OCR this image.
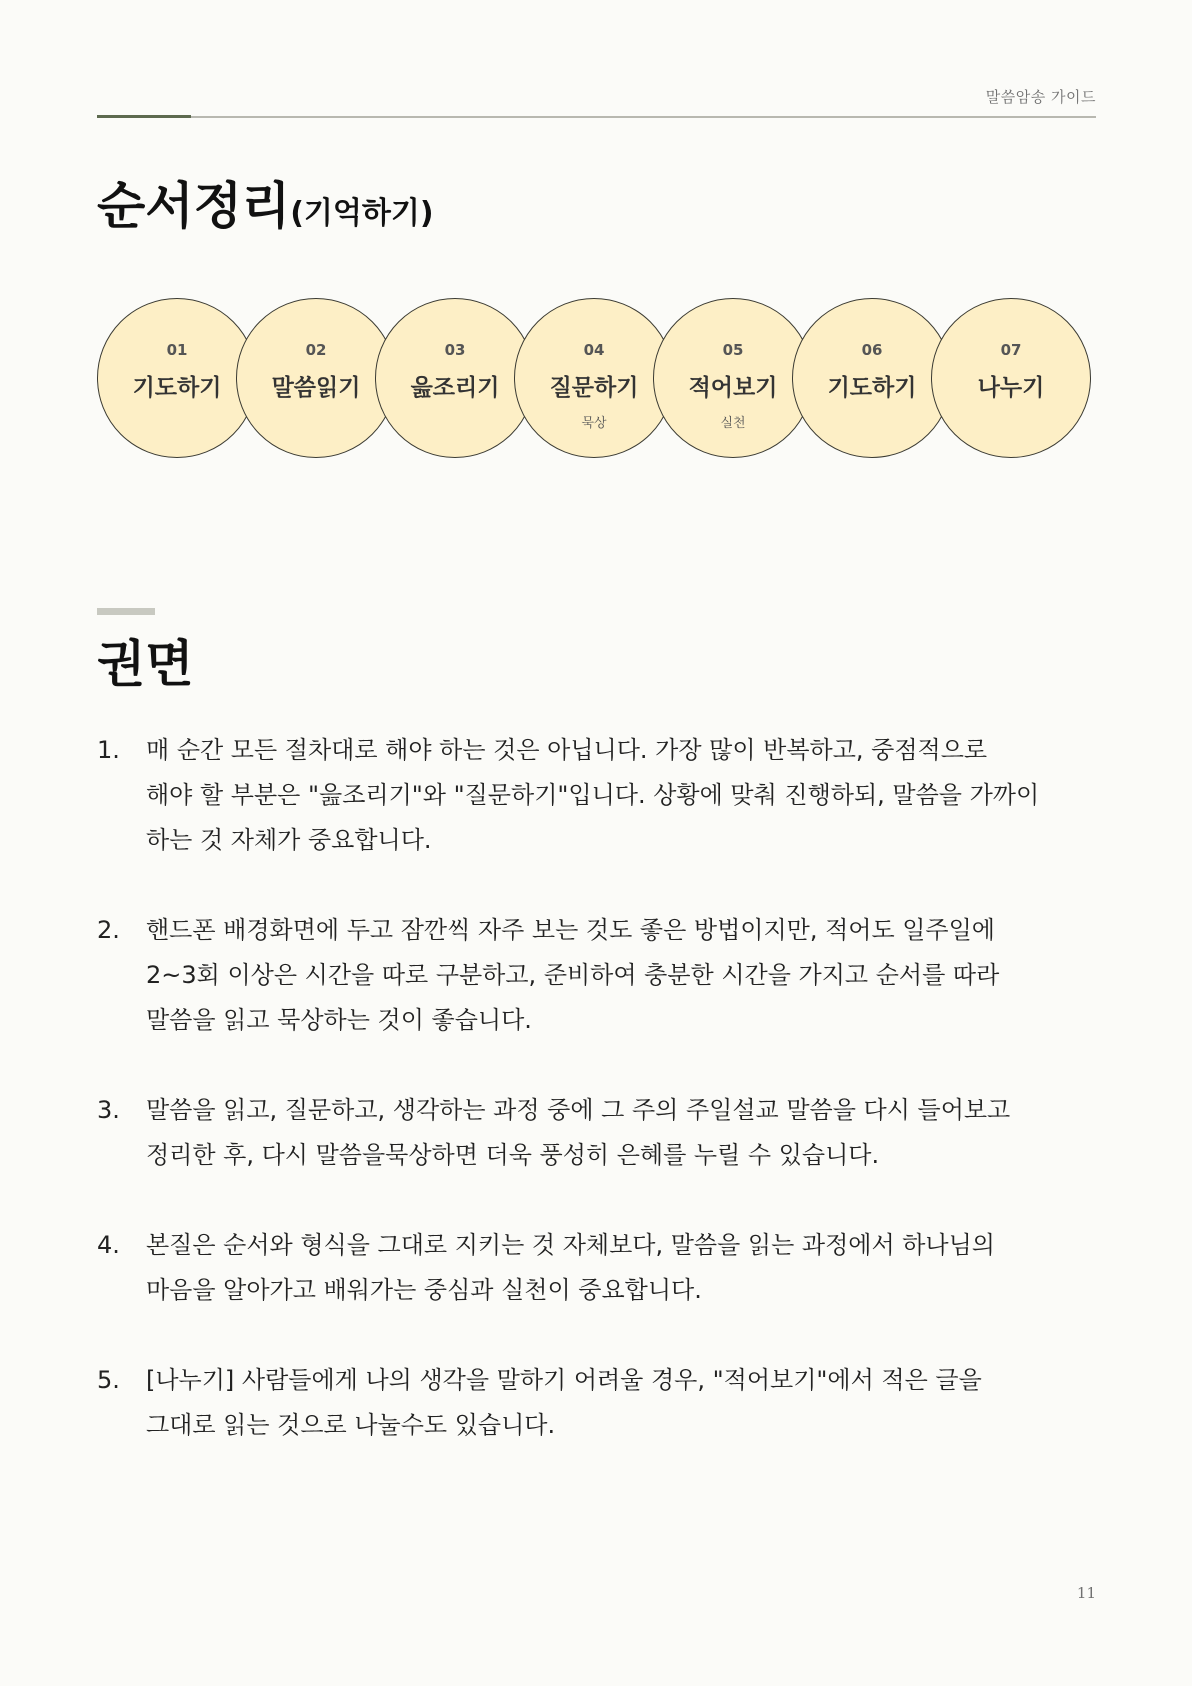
말씀암송 가이드
순서정리(기억하기)
01
기도하기
02
말씀읽기
03
읊조리기
04
질문하기
묵상
05
적어보기
실천
06
기도하기
07
나누기
권면
1. 매 순간 모든 절차대로 해야 하는 것은 아닙니다. 가장 많이 반복하고, 중점적으로
해야 할 부분은 "읊조리기"와 "질문하기"입니다. 상황에 맞춰 진행하되, 말씀을 가까이
하는 것 자체가 중요합니다.
2. 핸드폰 배경화면에 두고 잠깐씩 자주 보는 것도 좋은 방법이지만, 적어도 일주일에
2~3회 이상은 시간을 따로 구분하고, 준비하여 충분한 시간을 가지고 순서를 따라
말씀을 읽고 묵상하는 것이 좋습니다.
3. 말씀을 읽고, 질문하고, 생각하는 과정 중에 그 주의 주일설교 말씀을 다시 들어보고
정리한 후, 다시 말씀을묵상하면 더욱 풍성히 은혜를 누릴 수 있습니다.
4. 본질은 순서와 형식을 그대로 지키는 것 자체보다, 말씀을 읽는 과정에서 하나님의
마음을 알아가고 배워가는 중심과 실천이 중요합니다.
5. [나누기] 사람들에게 나의 생각을 말하기 어려울 경우, "적어보기"에서 적은 글을
그대로 읽는 것으로 나눌수도 있습니다.
11
